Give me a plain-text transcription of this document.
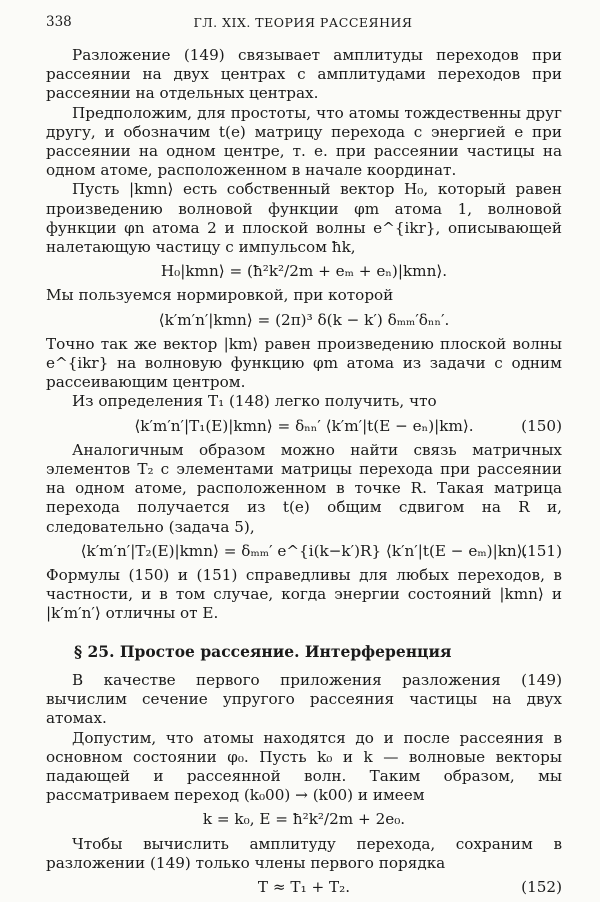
338	ГЛ. XIX. ТЕОРИЯ РАССЕЯНИЯ

Разложение (149) связывает амплитуды переходов при рассеянии на двух центрах с амплитудами переходов при рассеянии на отдельных центрах.

Предположим, для простоты, что атомы тождественны друг другу, и обозначим t(e) матрицу перехода с энергией e при рассеянии на одном центре, т. е. при рассеянии частицы на одном атоме, расположенном в начале координат.

Пусть |kmn⟩ есть собственный вектор H₀, который равен произведению волновой функции φm атома 1, волновой функции φn атома 2 и плоской волны e^{ikr}, описывающей налетающую частицу с импульсом ħk,

H₀|kmn⟩ = (ħ²k²/2m + eₘ + eₙ)|kmn⟩.

Мы пользуемся нормировкой, при которой

⟨k′m′n′|kmn⟩ = (2π)³ δ(k − k′) δₘₘ′δₙₙ′.

Точно так же вектор |km⟩ равен произведению плоской волны e^{ikr} на волновую функцию φm атома из задачи с одним рассеивающим центром.

Из определения T₁ (148) легко получить, что

⟨k′m′n′|T₁(E)|kmn⟩ = δₙₙ′ ⟨k′m′|t(E − eₙ)|km⟩.	(150)

Аналогичным образом можно найти связь матричных элементов T₂ с элементами матрицы перехода при рассеянии на одном атоме, расположенном в точке R. Такая матрица перехода получается из t(e) общим сдвигом на R и, следовательно (задача 5),

⟨k′m′n′|T₂(E)|kmn⟩ = δₘₘ′ e^{i(k−k′)R} ⟨k′n′|t(E − eₘ)|kn⟩.
(151)

Формулы (150) и (151) справедливы для любых переходов, в частности, и в том случае, когда энергии состояний |kmn⟩ и |k′m′n′⟩ отличны от E.

§ 25. Простое рассеяние. Интерференция

В качестве первого приложения разложения (149) вычислим сечение упругого рассеяния частицы на двух атомах.

Допустим, что атомы находятся до и после рассеяния в основном состоянии φ₀. Пусть k₀ и k — волновые векторы падающей и рассеянной волн. Таким образом, мы рассматриваем переход (k₀00) → (k00) и имеем

k = k₀, E = ħ²k²/2m + 2e₀.

Чтобы вычислить амплитуду перехода, сохраним в разложении (149) только члены первого порядка

T ≈ T₁ + T₂.	(152)
